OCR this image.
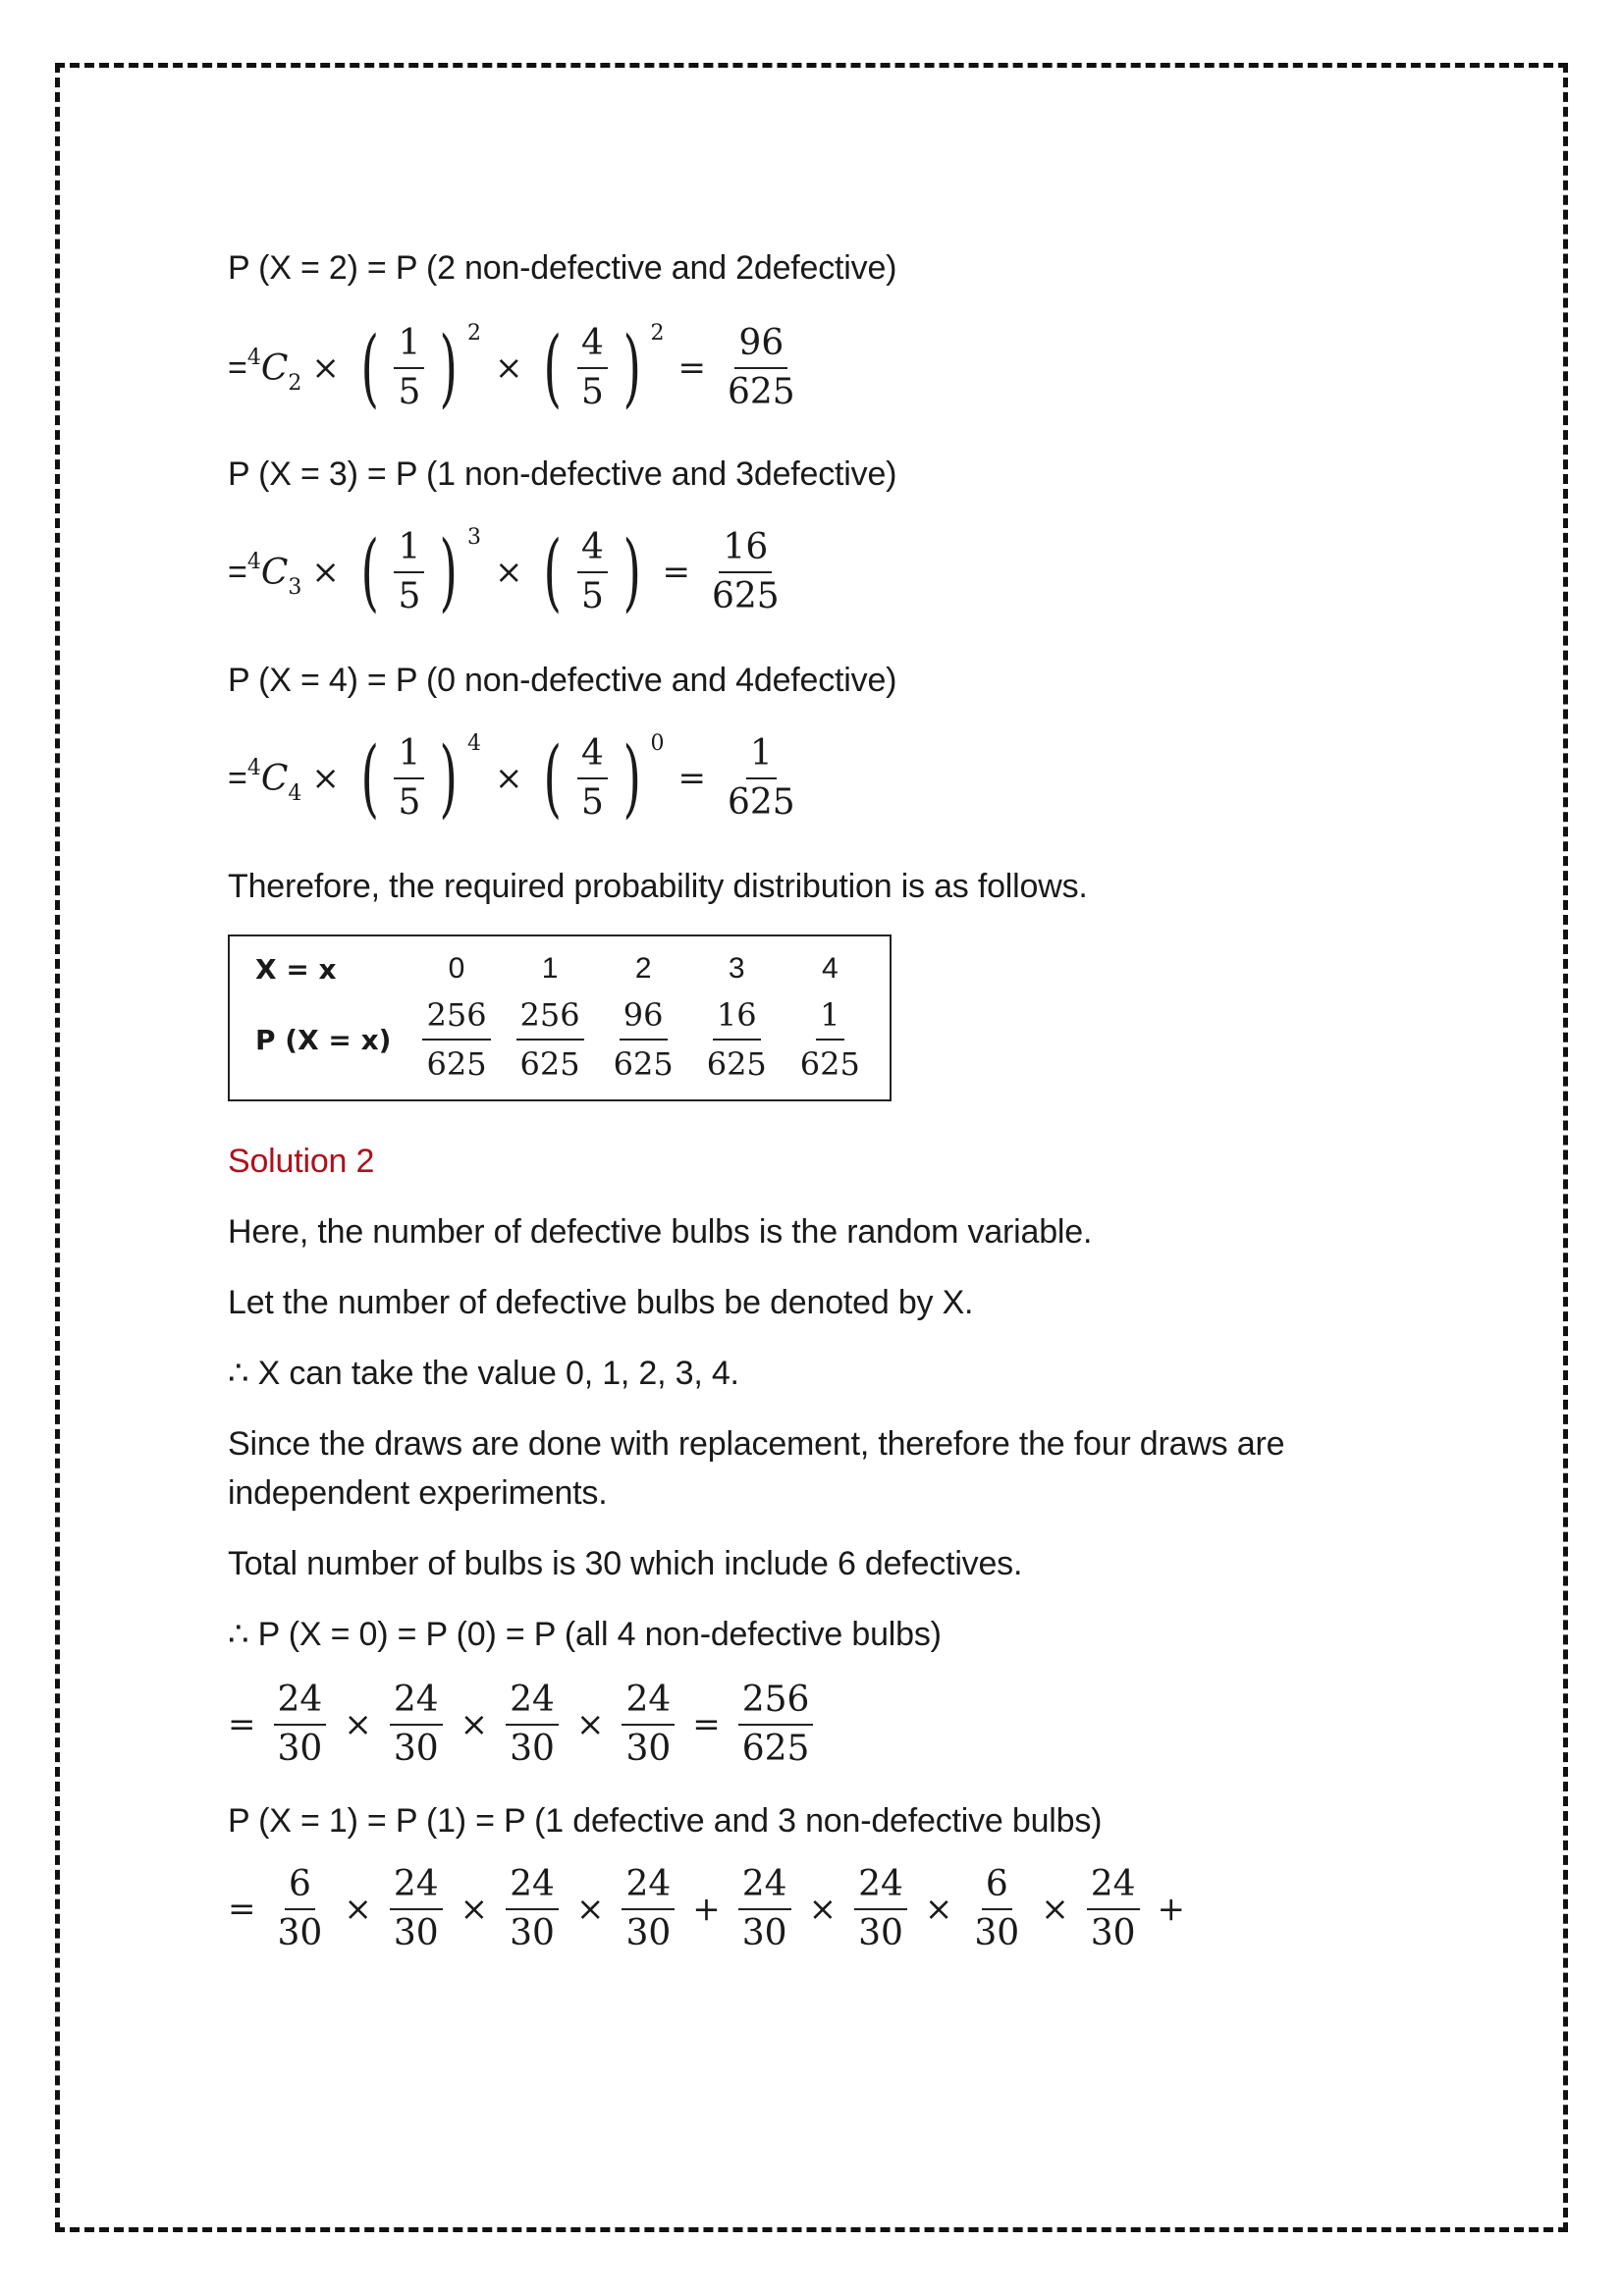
P (X = 2) = P (2 non-defective and 2defective)
= $^4C_2$ × ( $\frac{1}{5}$ ) 2
× ( $\frac{4}{5}$ ) 2
= $\frac{96}{625}$
P (X = 3) = P (1 non-defective and 3defective)
= $^4C_3$ × ( $\frac{1}{5}$ ) 3
× ( $\frac{4}{5}$ ) = $\frac{16}{625}$
P (X = 4) = P (0 non-defective and 4defective)
= $^4C_4$ × ( $\frac{1}{5}$ ) 4
× ( $\frac{4}{5}$ ) 0
= $\frac{1}{625}$
Therefore, the required probability distribution is as follows.
X = x	0	1	2	3	4
P (X = x)	$\frac{256}{625}$	$\frac{256}{625}$	$\frac{96}{625}$	$\frac{16}{625}$	$\frac{1}{625}$
Solution 2
Here, the number of defective bulbs is the random variable.
Let the number of defective bulbs be denoted by X.
∴ X can take the value 0, 1, 2, 3, 4.
Since the draws are done with replacement, therefore the four draws are
independent experiments.
Total number of bulbs is 30 which include 6 defectives.
∴ P (X = 0) = P (0) = P (all 4 non-defective bulbs)
= $\frac{24}{30} \times \frac{24}{30} \times \frac{24}{30} \times \frac{24}{30} = \frac{256}{625}$
P (X = 1) = P (1) = P (1 defective and 3 non-defective bulbs)
= $\frac{6}{30} \times \frac{24}{30} \times \frac{24}{30} \times \frac{24}{30} + \frac{24}{30} \times \frac{24}{30} \times \frac{6}{30} \times \frac{24}{30}$ +
